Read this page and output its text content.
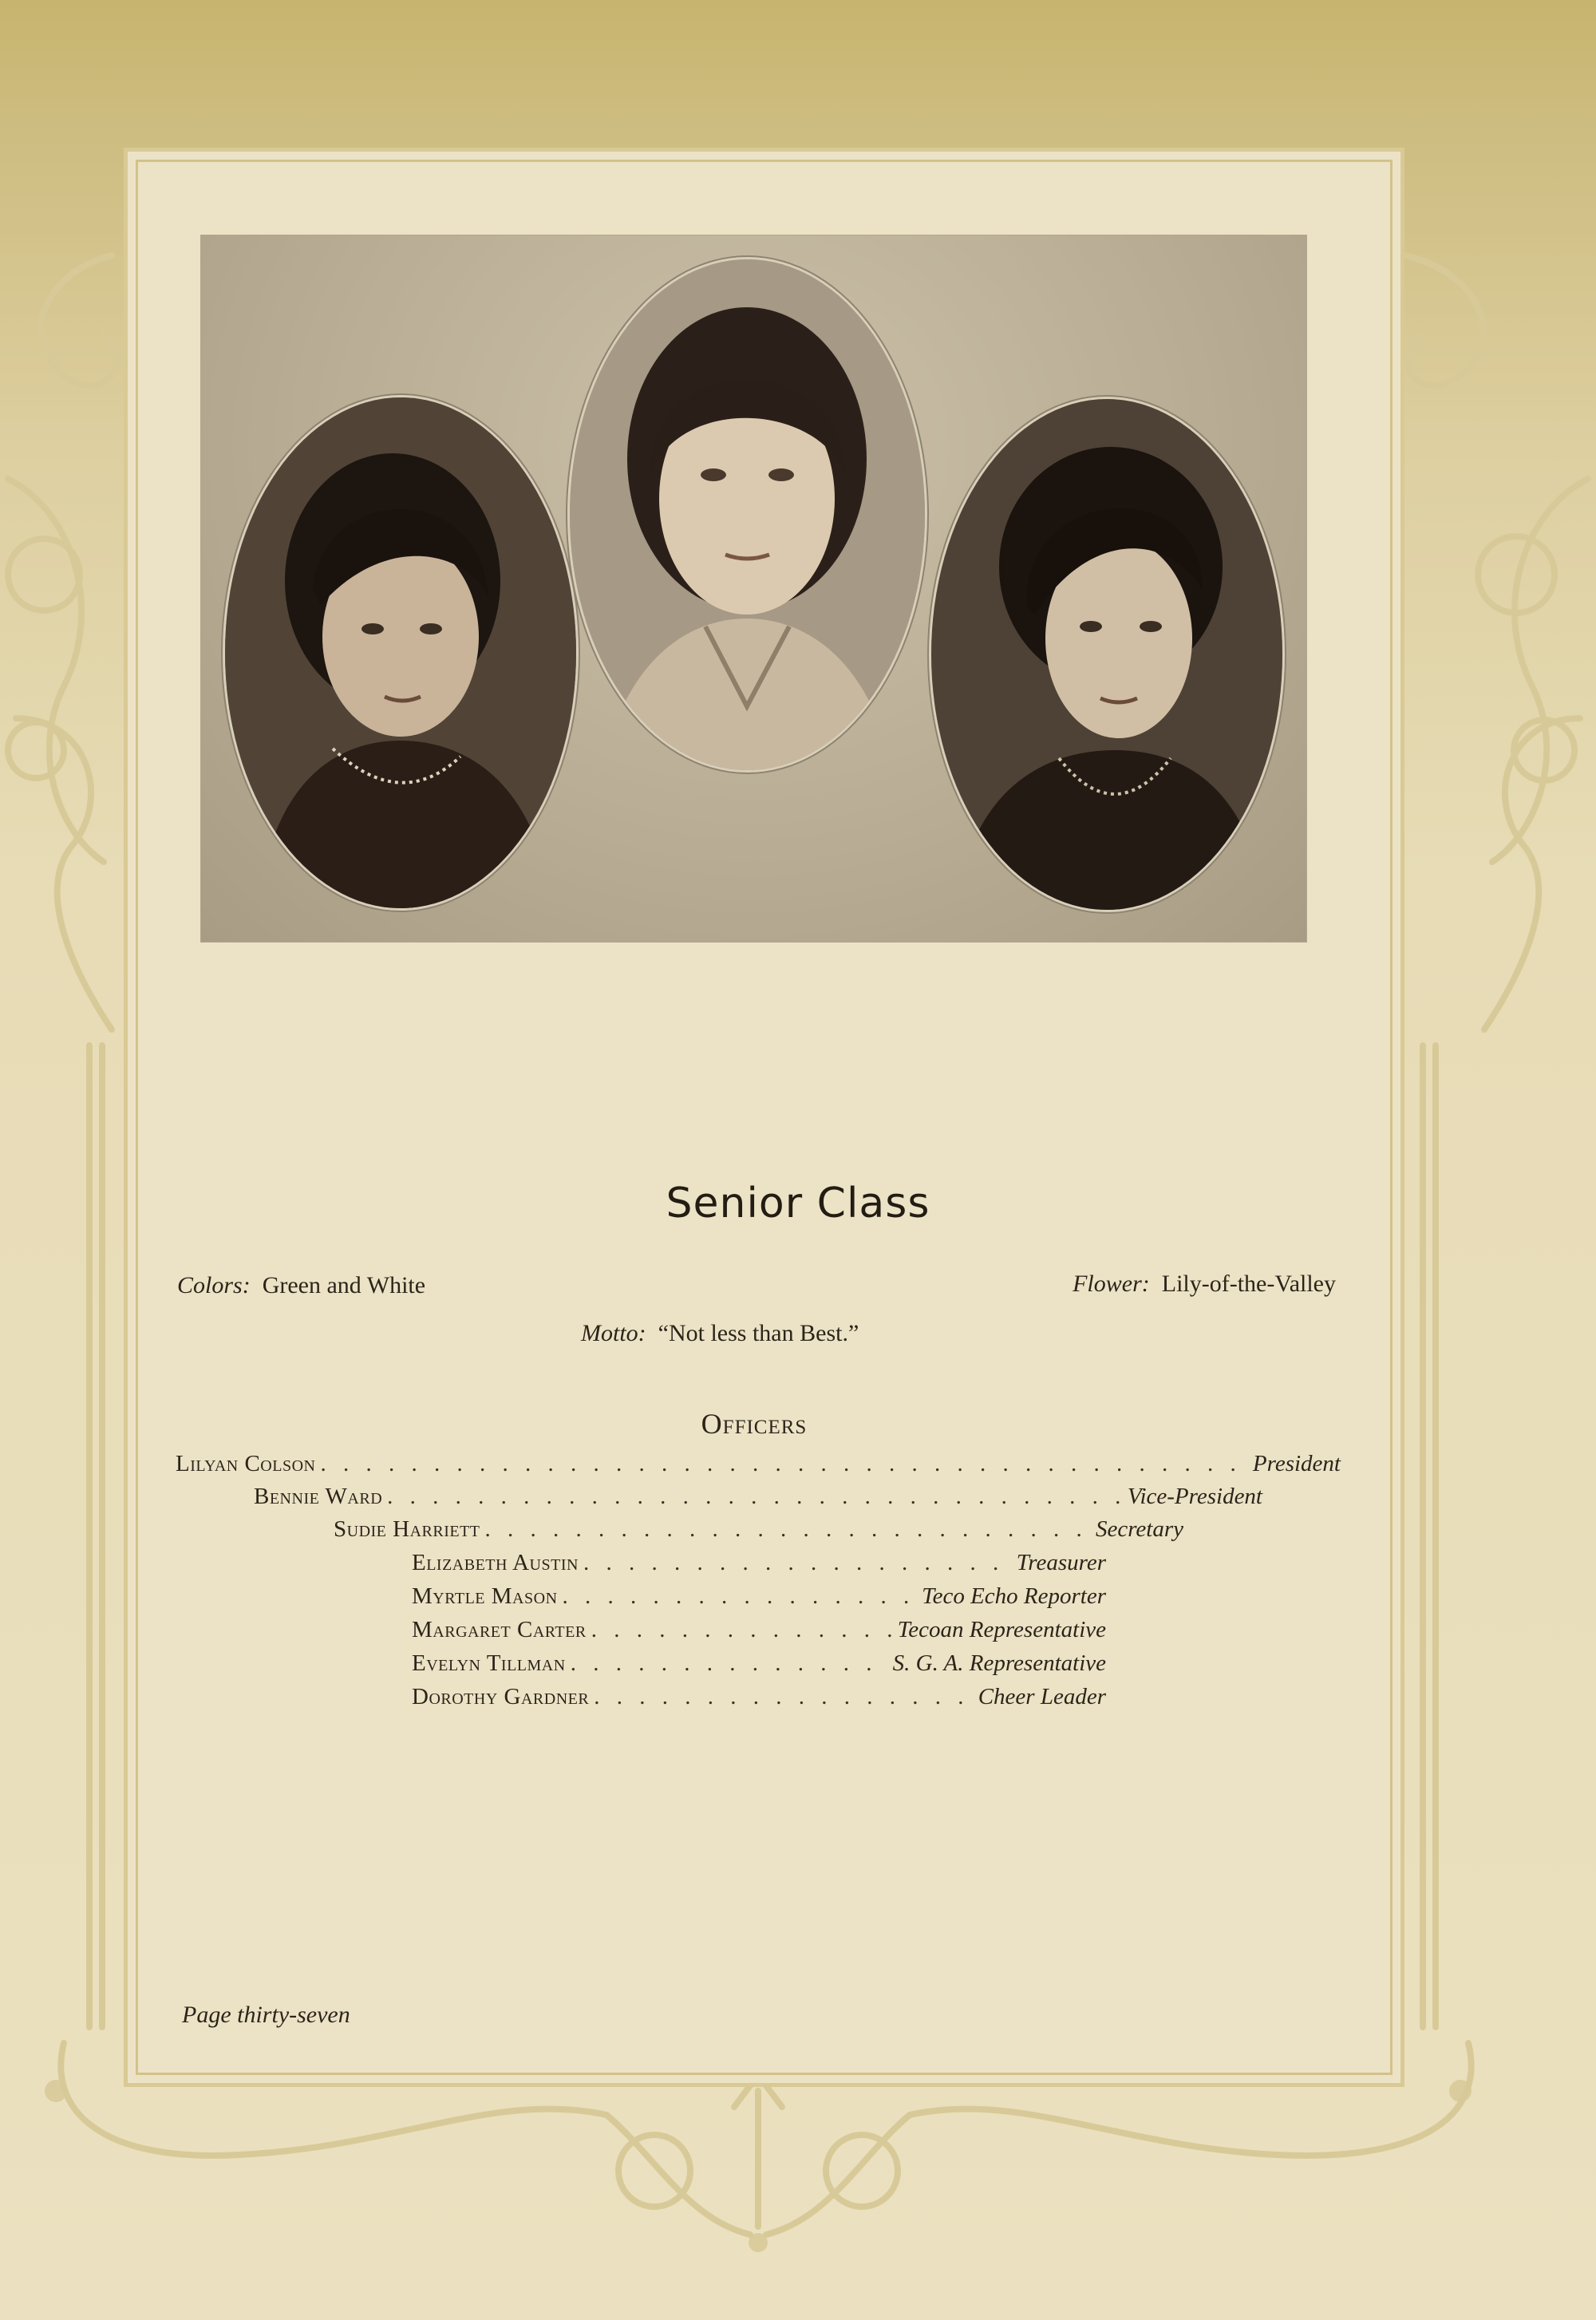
Senior Class
Colors: Green and White	Flower: Lily-of-the-Valley
Motto: “Not less than Best.”
Officers
Lilyan Colson . . .	President
Bennie Ward . . .	Vice-President
Sudie Harriett . . .	Secretary
Elizabeth Austin . . .	Treasurer
Myrtle Mason . . .	Teco Echo Reporter
Margaret Carter . . .	Tecoan Representative
Evelyn Tillman . . .	S. G. A. Representative
Dorothy Gardner . . .	Cheer Leader
Page thirty-seven
